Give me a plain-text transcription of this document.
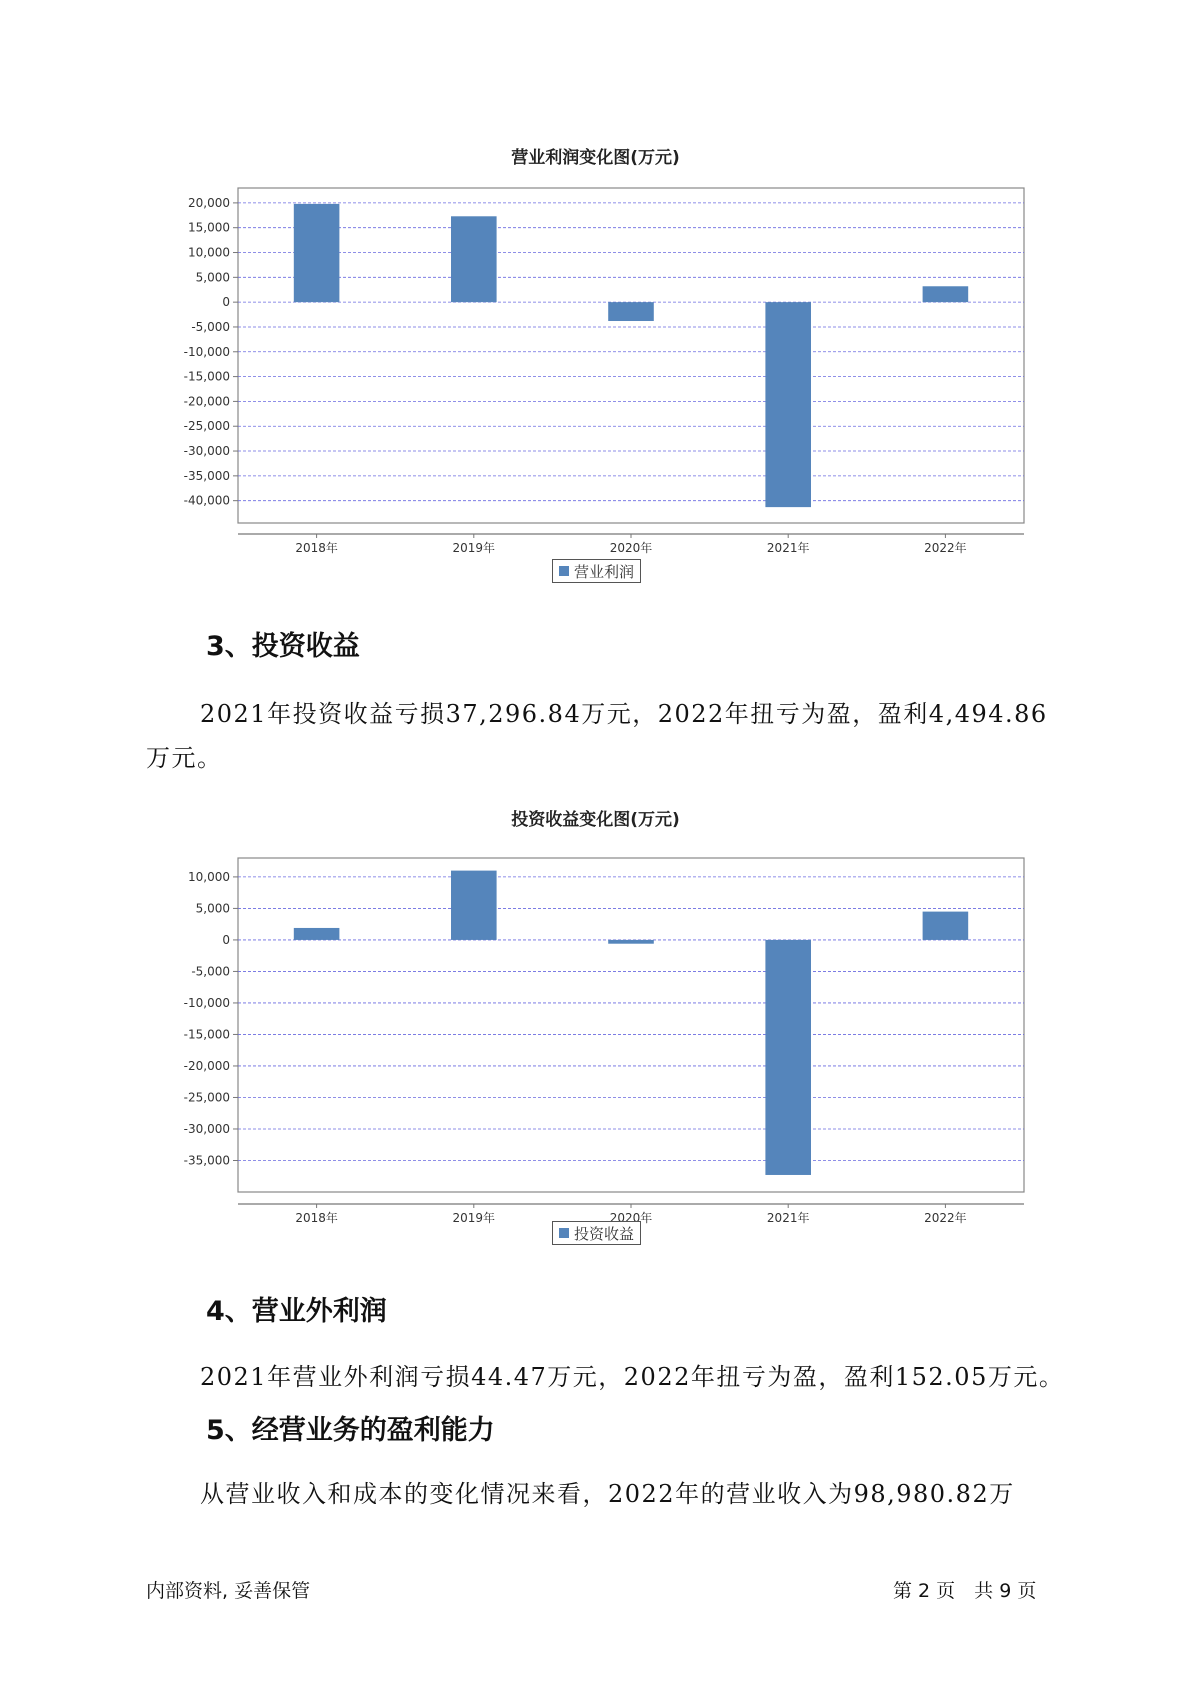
营业利润变化图(万元)
20,000
15,000
10,000
5,000
0
-5,000
-10,000
-15,000
-20,000
-25,000
-30,000
-35,000
-40,000
2018年	2019年	2020年	2021年	2022年
营业利润
3、投资收益
2021年投资收益亏损37,296.84万元，2022年扭亏为盈，盈利4,494.86
万元。
投资收益变化图(万元)
10,000
5,000
0
-5,000
-10,000
-15,000
-20,000
-25,000
-30,000
-35,000
2018年	2019年	2020年	2021年	2022年
投资收益
4、营业外利润
2021年营业外利润亏损44.47万元，2022年扭亏为盈，盈利152.05万元。
5、经营业务的盈利能力
从营业收入和成本的变化情况来看，2022年的营业收入为98,980.82万
内部资料, 妥善保管	第 2 页　共 9 页
